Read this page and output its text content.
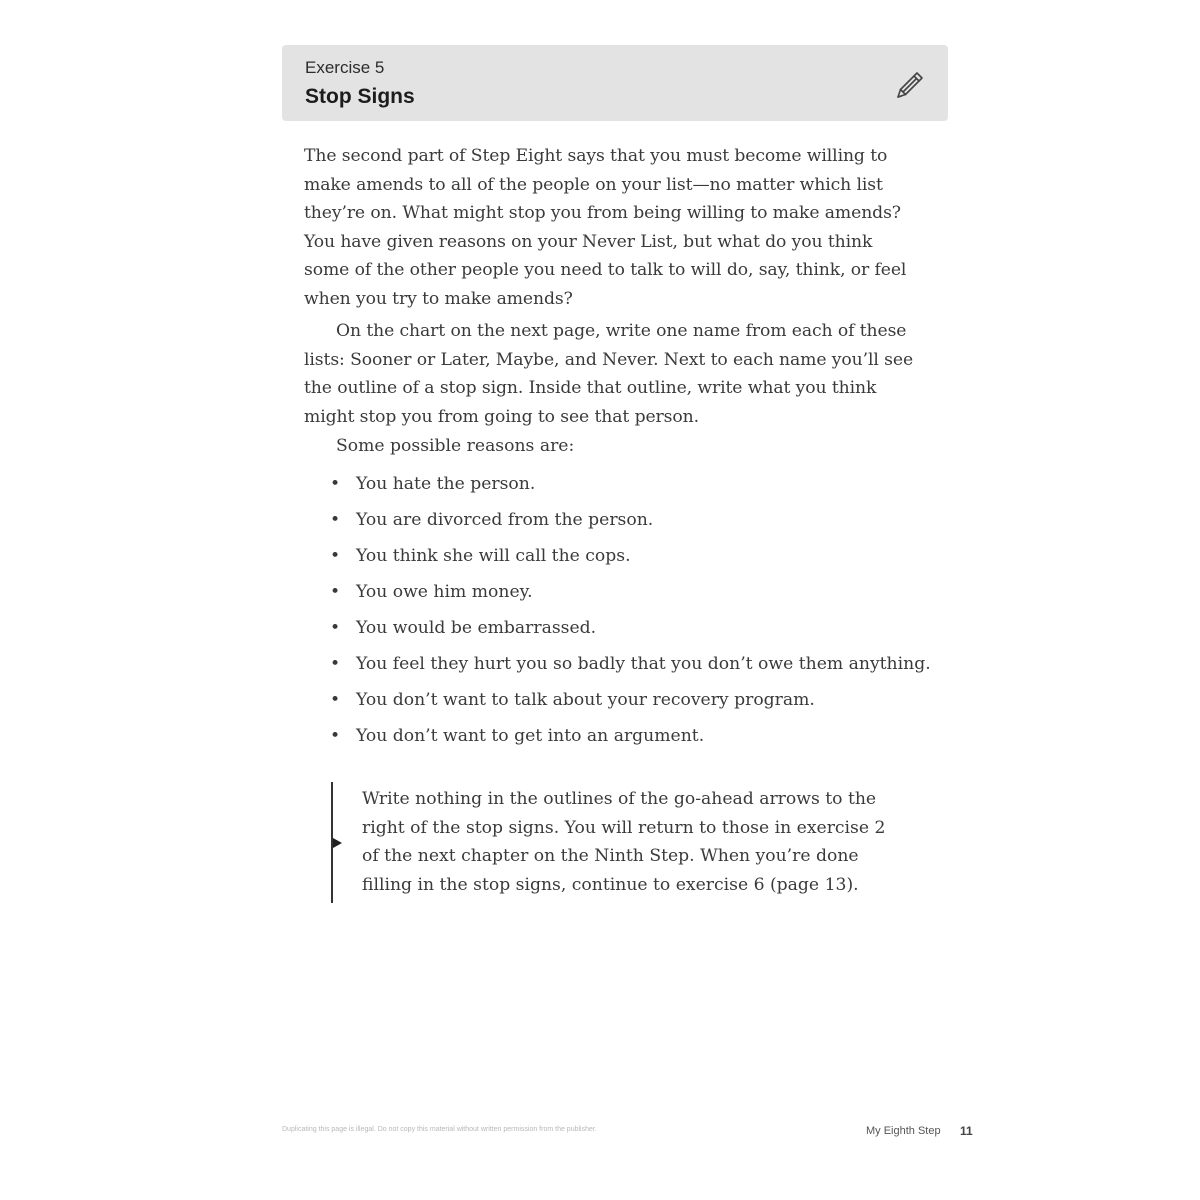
Exercise 5
Stop Signs

The second part of Step Eight says that you must become willing to make amends to all of the people on your list—no matter which list they’re on. What might stop you from being willing to make amends? You have given reasons on your Never List, but what do you think some of the other people you need to talk to will do, say, think, or feel when you try to make amends?

On the chart on the next page, write one name from each of these lists: Sooner or Later, Maybe, and Never. Next to each name you’ll see the outline of a stop sign. Inside that outline, write what you think might stop you from going to see that person.

Some possible reasons are:
• You hate the person.
• You are divorced from the person.
• You think she will call the cops.
• You owe him money.
• You would be embarrassed.
• You feel they hurt you so badly that you don’t owe them anything.
• You don’t want to talk about your recovery program.
• You don’t want to get into an argument.
Write nothing in the outlines of the go-ahead arrows to the right of the stop signs. You will return to those in exercise 2 of the next chapter on the Ninth Step. When you’re done filling in the stop signs, continue to exercise 6 (page 13).
Duplicating this page is illegal. Do not copy this material without written permission from the publisher.	My Eighth Step 11
